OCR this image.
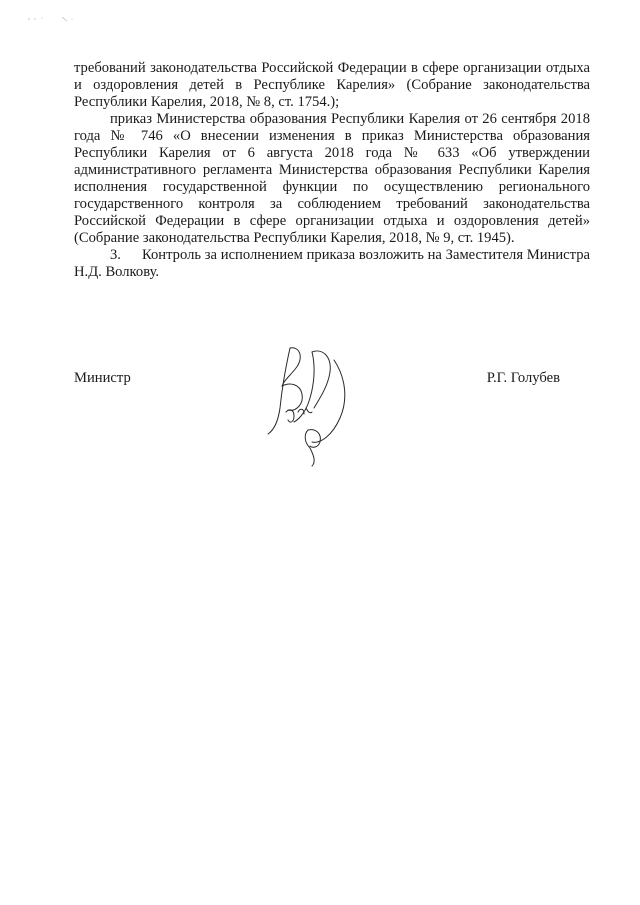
требований законодательства Российской Федерации в сфере организации отдыха и оздоровления детей в Республике Карелия» (Собрание законодательства Республики Карелия, 2018, № 8, ст. 1754.);

приказ Министерства образования Республики Карелия от 26 сентября 2018 года № 746 «О внесении изменения в приказ Министерства образования Республики Карелия от 6 августа 2018 года № 633 «Об утверждении административного регламента Министерства образования Республики Карелия исполнения государственной функции по осуществлению регионального государственного контроля за соблюдением требований законодательства Российской Федерации в сфере организации отдыха и оздоровления детей» (Собрание законодательства Республики Карелия, 2018, № 9, ст. 1945).

3. Контроль за исполнением приказа возложить на Заместителя Министра Н.Д. Волкову.

Министр	Р.Г. Голубев
